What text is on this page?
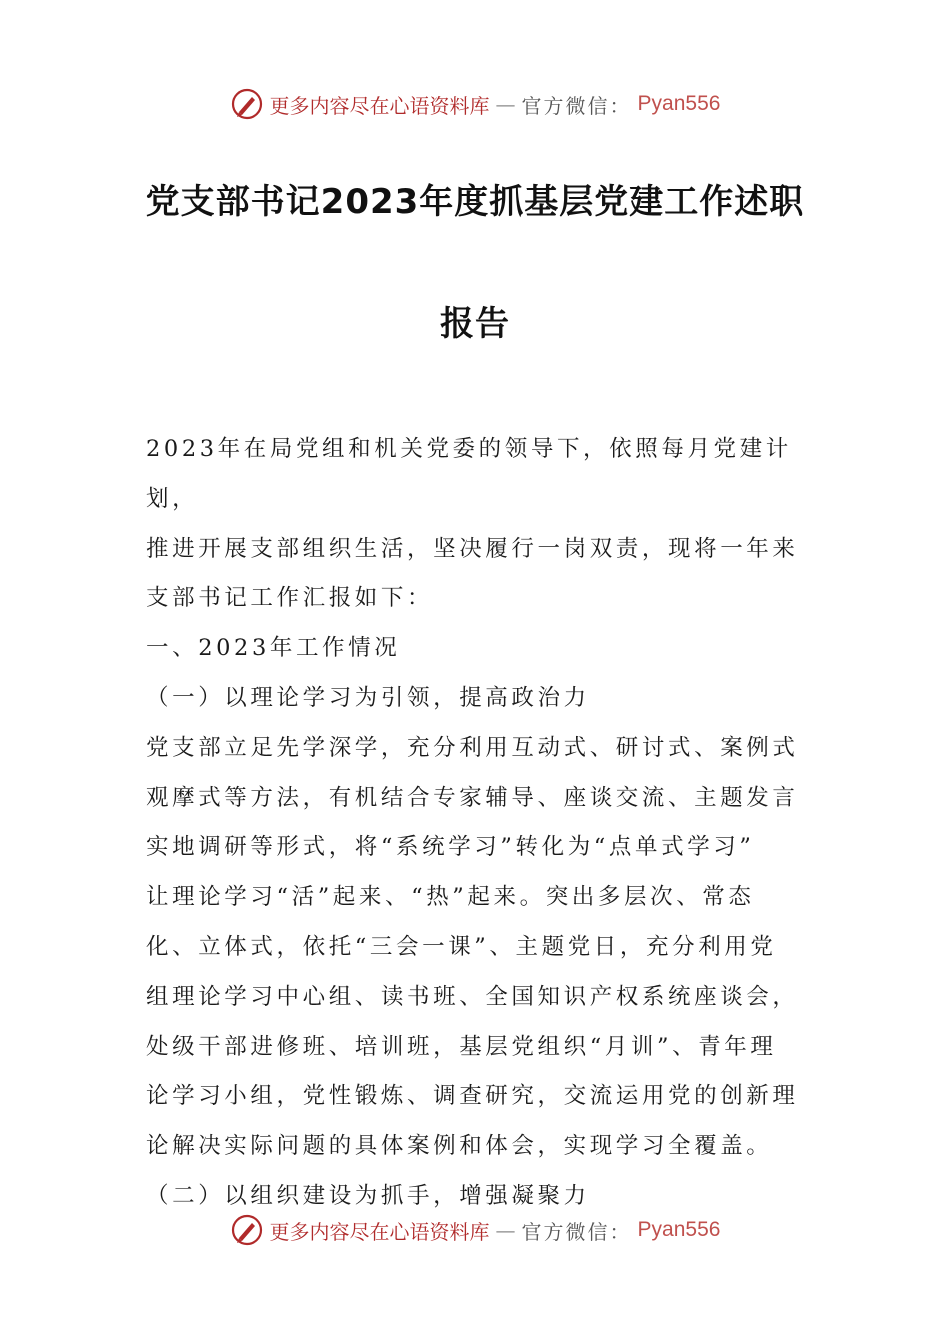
更多内容尽在心语资料库 — 官方微信： Pyan556
党支部书记2023年度抓基层党建工作述职
报告

2023年在局党组和机关党委的领导下，依照每月党建计划，

推进开展支部组织生活，坚决履行一岗双责，现将一年来

支部书记工作汇报如下：

一、2023年工作情况

（一）以理论学习为引领，提高政治力

党支部立足先学深学，充分利用互动式、研讨式、案例式

观摩式等方法，有机结合专家辅导、座谈交流、主题发言

实地调研等形式，将“系统学习”转化为“点单式学习”

让理论学习“活”起来、“热”起来。突出多层次、常态

化、立体式，依托“三会一课”、主题党日，充分利用党

组理论学习中心组、读书班、全国知识产权系统座谈会，

处级干部进修班、培训班，基层党组织“月训”、青年理

论学习小组，党性锻炼、调查研究，交流运用党的创新理

论解决实际问题的具体案例和体会，实现学习全覆盖。

（二）以组织建设为抓手，增强凝聚力

更多内容尽在心语资料库 — 官方微信： Pyan556
